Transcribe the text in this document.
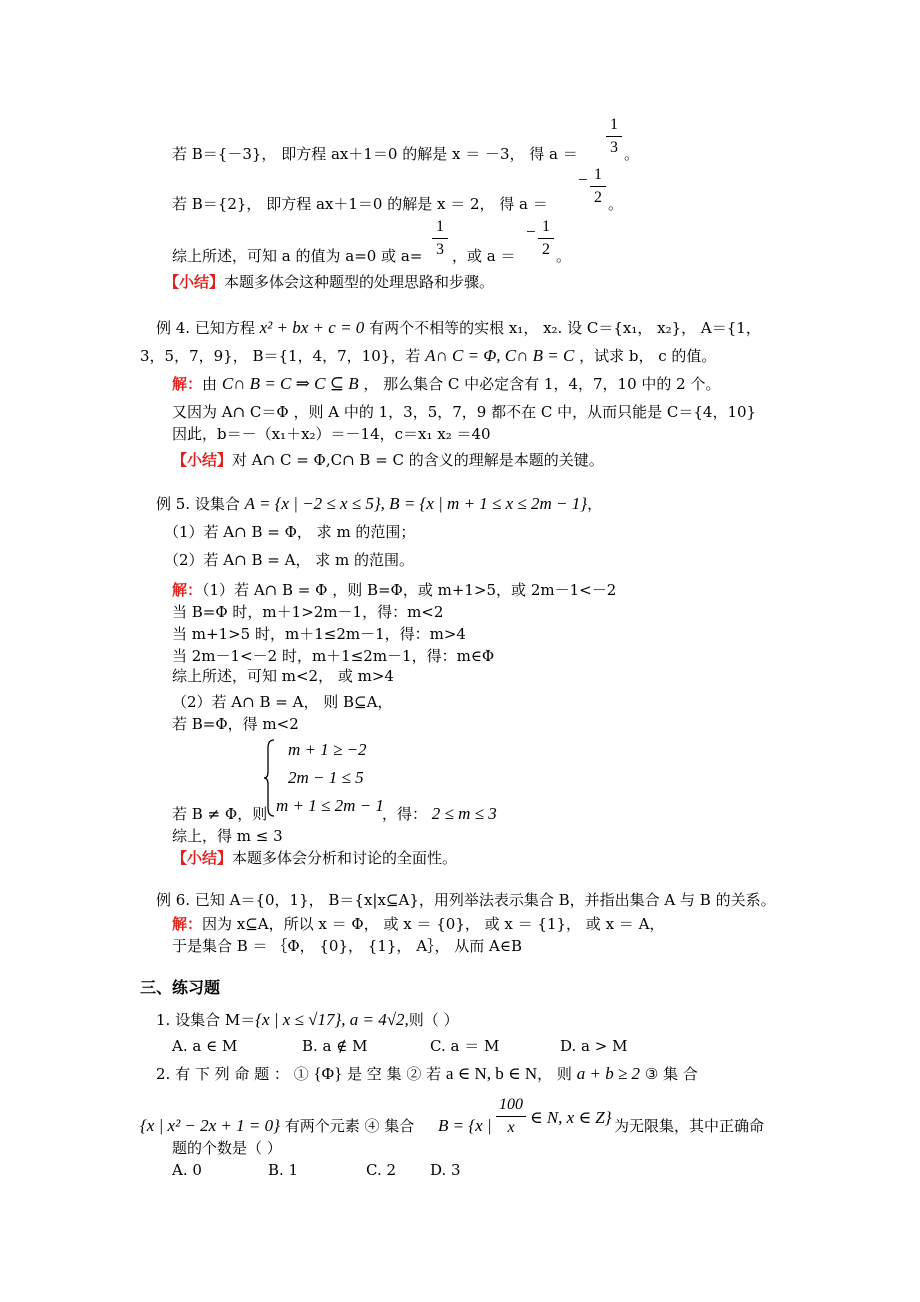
若 B＝{－3}， 即方程 ax＋1＝0 的解是 x ＝ －3， 得 a ＝
1
3 。
若 B＝{2}， 即方程 ax＋1＝0 的解是 x ＝ 2， 得 a ＝
− 1
2 。
综上所述，可知 a 的值为 a=0 或 a=
1
3 ，或 a ＝
− 1
2 。
【小结】本题多体会这种题型的处理思路和步骤。
例 4. 已知方程 x² + bx + c = 0 有两个不相等的实根 x₁， x₂. 设 C＝{x₁， x₂}， A＝{1，
3，5，7，9}， B＝{1，4，7，10}，若 A∩ C = Φ, C∩ B = C ，试求 b， c 的值。
解：由 C∩ B = C ⇒ C ⊆ B ， 那么集合 C 中必定含有 1，4，7，10 中的 2 个。
又因为 A∩ C＝Φ ，则 A 中的 1，3，5，7，9 都不在 C 中，从而只能是 C＝{4，10}
因此，b＝－（x₁＋x₂）＝－14，c＝x₁ x₂ ＝40
【小结】对 A∩ C = Φ,C∩ B = C 的含义的理解是本题的关键。
例 5. 设集合 A = {x | −2 ≤ x ≤ 5}, B = {x | m + 1 ≤ x ≤ 2m − 1}，
（1）若 A∩ B = Φ， 求 m 的范围；
（2）若 A∩ B = A， 求 m 的范围。
解：（1）若 A∩ B = Φ ，则 B=Φ，或 m+1>5，或 2m－1<－2
当 B=Φ 时，m＋1>2m－1，得：m<2
当 m+1>5 时，m＋1≤2m－1，得：m>4
当 2m－1<－2 时，m＋1≤2m－1，得：m∈Φ
综上所述，可知 m<2， 或 m>4
（2）若 A∩ B = A， 则 B⊆A，
若 B=Φ，得 m<2
m + 1 ≥ −2
2m − 1 ≤ 5
m + 1 ≤ 2m − 1
若 B ≠ Φ，则	，得： 2 ≤ m ≤ 3
综上，得 m ≤ 3
【小结】本题多体会分析和讨论的全面性。
例 6. 已知 A＝{0，1}， B＝{x|x⊆A}，用列举法表示集合 B，并指出集合 A 与 B 的关系。
解：因为 x⊆A，所以 x ＝ Φ， 或 x ＝ {0}， 或 x ＝ {1}， 或 x ＝ A，
于是集合 B ＝ ｛Φ， {0}， {1}， A｝， 从而 A∈B
三、练习题
1. 设集合 M＝{x | x ≤ √17}, a = 4√2,则（ ）
A. a ∈ M	B. a ∉ M	C. a ＝ M	D. a > M
2. 有 下 列 命 题 ： ① {Φ} 是 空 集 ② 若 a ∈ N, b ∈ N， 则 a + b ≥ 2 ③ 集 合
{x | x² − 2x + 1 = 0} 有两个元素 ④ 集合 B = {x |
100
x
∈ N, x ∈ Z} 为无限集，其中正确命
题的个数是（ ）
A. 0	B. 1	C. 2 D. 3
